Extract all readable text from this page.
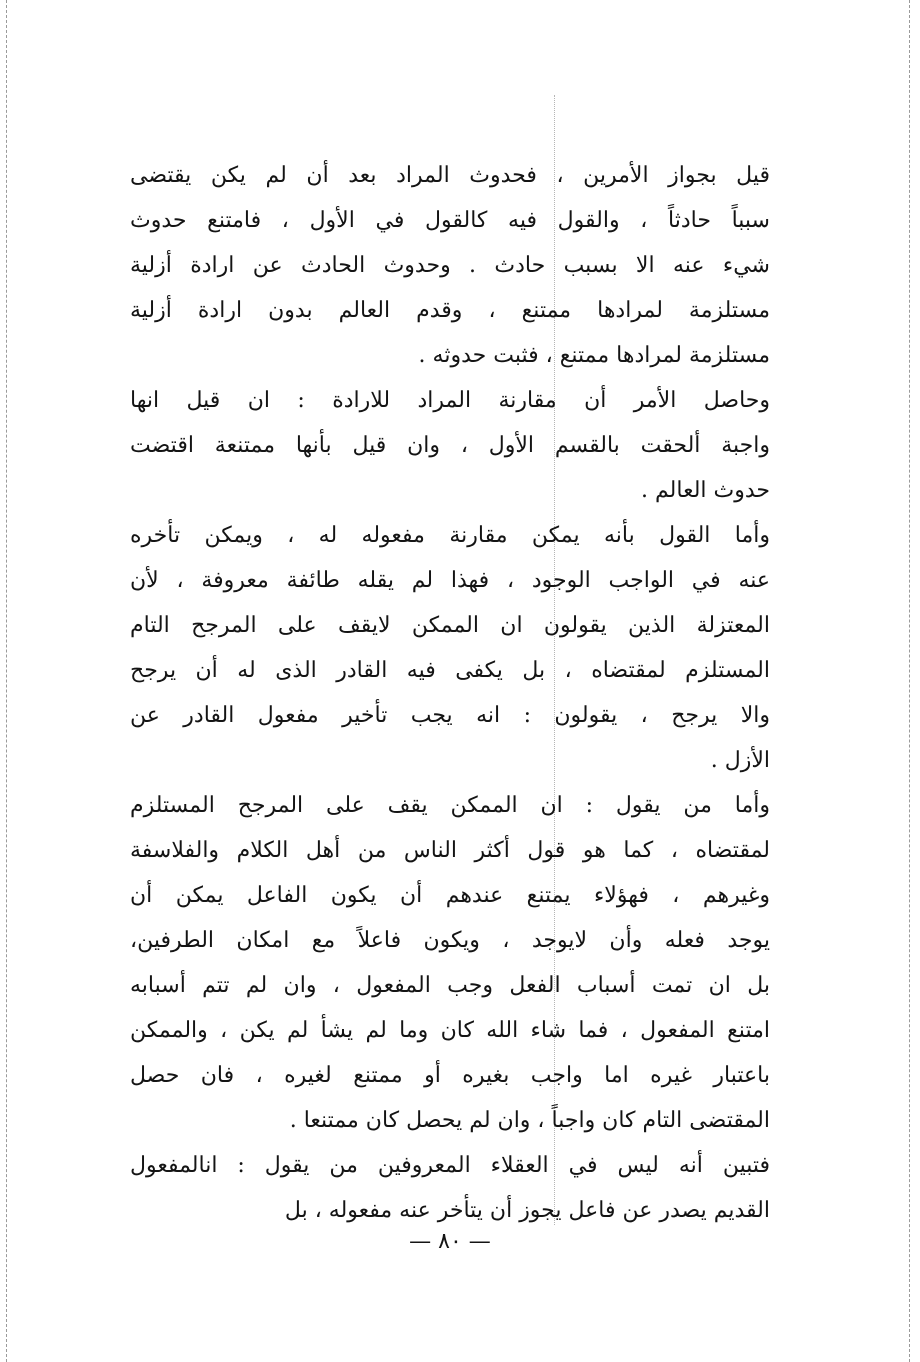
قيل بجواز الأمرين ، فحدوث المراد بعد أن لم يكن يقتضى
سبباً حادثاً ، والقول فيه كالقول في الأول ، فامتنع حدوث
شيء عنه الا بسبب حادث . وحدوث الحادث عن ارادة أزلية
مستلزمة لمرادها ممتنع ، وقدم العالم بدون ارادة أزلية
مستلزمة لمرادها ممتنع ، فثبت حدوثه .
وحاصل الأمر أن مقارنة المراد للارادة : ان قيل انها
واجبة ألحقت بالقسم الأول ، وان قيل بأنها ممتنعة اقتضت
حدوث العالم .
وأما القول بأنه يمكن مقارنة مفعوله له ، ويمكن تأخره
عنه في الواجب الوجود ، فهذا لم يقله طائفة معروفة ، لأن
المعتزلة الذين يقولون ان الممكن لايقف على المرجح التام
المستلزم لمقتضاه ، بل يكفى فيه القادر الذى له أن يرجح
والا يرجح ، يقولون : انه يجب تأخير مفعول القادر عن
الأزل .
وأما من يقول : ان الممكن يقف على المرجح المستلزم
لمقتضاه ، كما هو قول أكثر الناس من أهل الكلام والفلاسفة
وغيرهم ، فهؤلاء يمتنع عندهم أن يكون الفاعل يمكن أن
يوجد فعله وأن لايوجد ، ويكون فاعلاً مع امكان الطرفين،
بل ان تمت أسباب الفعل وجب المفعول ، وان لم تتم أسبابه
امتنع المفعول ، فما شاء الله كان وما لم يشأ لم يكن ، والممكن
باعتبار غيره اما واجب بغيره أو ممتنع لغيره ، فان حصل
المقتضى التام كان واجباً ، وان لم يحصل كان ممتنعا .
فتبين أنه ليس في العقلاء المعروفين من يقول : انالمفعول
القديم يصدر عن فاعل يجوز أن يتأخر عنه مفعوله ، بل
— ٨٠ —
